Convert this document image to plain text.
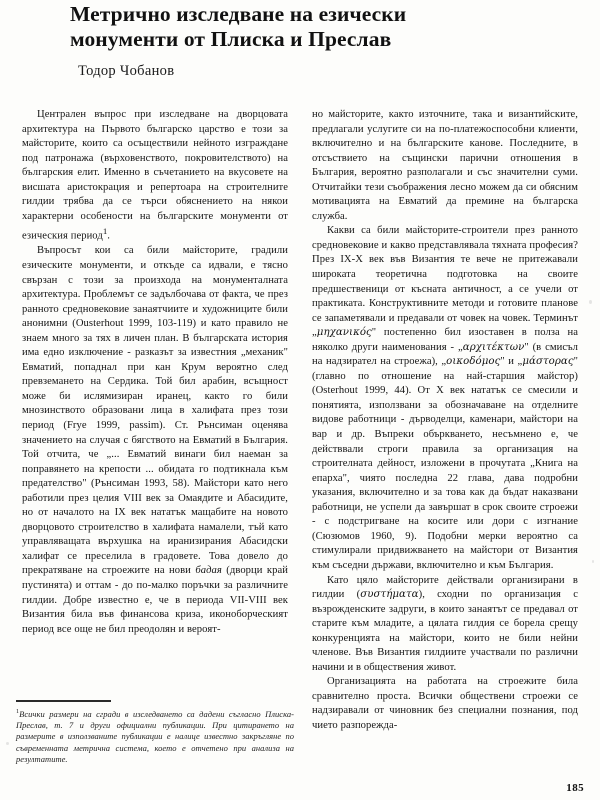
Метрично изследване на езически
монументи от Плиска и Преслав
Тодор Чобанов

Централен въпрос при изследване на дворцовата архитектура на Първото българско царство е този за майсторите, които са осъществили нейното изграждане под патронажа (върховенството, покровителството) на българския елит. Именно в съчетанието на вкусовете на висшата аристокрация и репертоара на строителните гилдии трябва да се търси обяснението на някои характерни особености на българските монументи от езическия период$^1$.

Въпросът кои са били майсторите, градили езическите монументи, и откъде са идвали, е тясно свързан с този за произхода на монументалната архитектура. Проблемът се задълбочава от факта, че през ранното средновековие занаятчиите и художниците били анонимни (Ousterhout 1999, 103-119) и като правило не знаем много за тях в личен план. В българската история има едно изключение - разказът за известния „механик" Евматий, попаднал при кан Крум вероятно след превземането на Сердика. Той бил арабин, всъщност може би ислямизиран иранец, както го били мнозинството образовани лица в халифата през този период (Frye 1999, passim). Ст. Рънсиман оценява значението на случая с бягството на Евматий в България. Той отчита, че „... Евматий винаги бил наеман за поправянето на крепости ... обидата го подтикнала към предателство" (Рънсиман 1993, 58). Майстори като него работили през целия VIII век за Омаядите и Абасидите, но от началото на IX век нататък мащабите на новото дворцовото строителство в халифата намалели, тъй като управляващата върхушка на иранизирания Абасидски халифат се преселила в градовете. Това довело до прекратяване на строежите на нови бадая (дворци край пустинята) и оттам - до по-малко поръчки за различните гилдии. Добре известно е, че в периода VII-VIII век Византия била във финансова криза, иконоборческият период все още не бил преодолян и вероят-

но майсторите, както източните, така и византийските, предлагали услугите си на по-платежоспособни клиенти, включително и на българските канове. Последните, в отсъствието на същински парични отношения в България, вероятно разполагали и със значителни суми. Отчитайки тези съображения лесно можем да си обясним мотивацията на Евматий да премине на българска служба.

Какви са били майсторите-строители през ранното средновековие и какво представлявала тяхната професия? През IX-X век във Византия те вече не притежавали широката теоретична подготовка на своите предшественици от късната античност, а се учели от практиката. Конструктивните методи и готовите планове се запаметявали и предавали от човек на човек. Терминът „μηχανικός" постепенно бил изоставен в полза на няколко други наименования - „αρχιτέκτων" (в смисъл на надзирател на строежа), „οικοδόμος" и „μάστορας" (главно по отношение на най-старшия майстор) (Osterhout 1999, 44). От X век нататък се смесили и понятията, използвани за обозначаване на отделните видове работници - дърводелци, каменари, майстори на вар и др. Въпреки объркването, несъмнено е, че действвали строги правила за организация на строителната дейност, изложени в прочутата „Книга на епарха", чиято последна 22 глава, дава подробни указания, включително и за това как да бъдат наказвани работници, не успели да завършат в срок своите строежи - с подстригване на косите или дори с изгнание (Сюзюмов 1960, 9). Подобни мерки вероятно са стимулирали придвижването на майстори от Византия към съседни държави, включително и към България.

Като цяло майсторите действали организирани в гилдии (συστήματα), сходни по организация с възрожденските задруги, в които занаятът се предавал от старите към младите, а цялата гилдия се борела срещу конкуренцията на майстори, които не били нейни членове. Във Византия гилдиите участвали по различни начини и в обществения живот.

Организацията на работата на строежите била сравнително проста. Всички обществени строежи се надзиравали от чиновник без специални познания, под чието разпорежда-

$^1$Всички размери на сгради в изследването са дадени съгласно Плиска-Преслав, т. 7 и други официални публикации. При цитирането на размерите в използваните публикации е налице известно закръгляне по съвременната метрична система, което е отчетено при анализа на резултатите.

185
